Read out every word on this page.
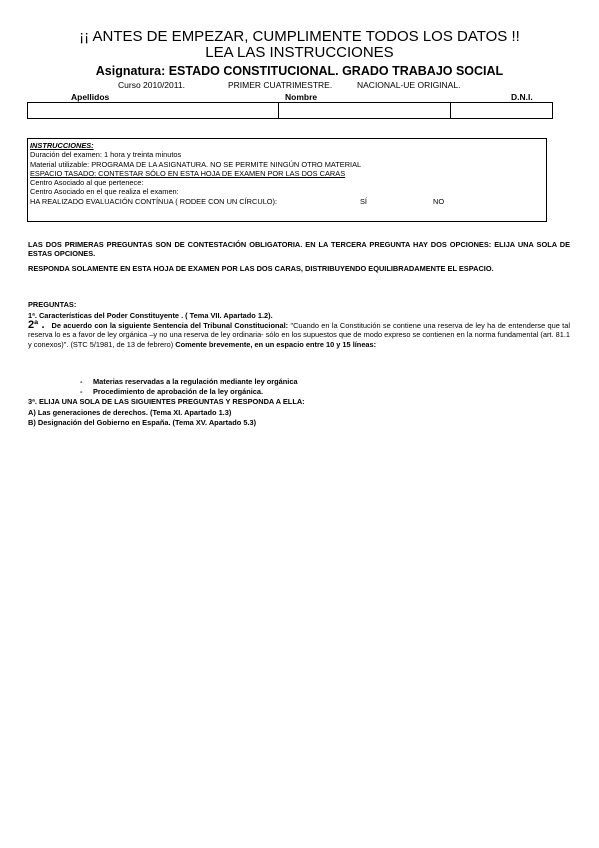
¡¡ ANTES DE EMPEZAR, CUMPLIMENTE TODOS LOS DATOS !!
LEA LAS INSTRUCCIONES
Asignatura: ESTADO CONSTITUCIONAL. GRADO TRABAJO SOCIAL
Curso 2010/2011.	PRIMER CUATRIMESTRE.	NACIONAL-UE ORIGINAL.
Apellidos	Nombre	D.N.I.
INSTRUCCIONES:
Duración del examen: 1 hora y treinta minutos
Material utilizable: PROGRAMA DE LA ASIGNATURA. NO SE PERMITE NINGÚN OTRO MATERIAL
ESPACIO TASADO: CONTESTAR SÓLO EN ESTA HOJA DE EXAMEN POR LAS DOS CARAS
Centro Asociado al que pertenece:
Centro Asociado en el que realiza el examen:
HA REALIZADO EVALUACIÓN CONTÍNUA ( RODEE CON UN CÍRCULO):	SÍ	NO
LAS DOS PRIMERAS PREGUNTAS SON DE CONTESTACIÓN OBLIGATORIA. EN LA TERCERA PREGUNTA HAY DOS OPCIONES: ELIJA UNA SOLA DE ESTAS OPCIONES.
RESPONDA SOLAMENTE EN ESTA HOJA DE EXAMEN POR LAS DOS CARAS, DISTRIBUYENDO EQUILIBRADAMENTE EL ESPACIO.
PREGUNTAS:
1ª. Características del Poder Constituyente . ( Tema VII. Apartado 1.2).
2ª . De acuerdo con la siguiente Sentencia del Tribunal Constitucional: "Cuando en la Constitución se contiene una reserva de ley ha de entenderse que tal reserva lo es a favor de ley orgánica –y no una reserva de ley ordinaria- sólo en los supuestos que de modo expreso se contienen en la norma fundamental (art. 81.1 y conexos)". (STC 5/1981, de 13 de febrero) Comente brevemente, en un espacio entre 10 y 15 líneas:
- Materias reservadas a la regulación mediante ley orgánica
- Procedimiento de aprobación de la ley orgánica.
3ª. ELIJA UNA SOLA DE LAS SIGUIENTES PREGUNTAS Y RESPONDA A ELLA:
A) Las generaciones de derechos. (Tema XI. Apartado 1.3)
B) Designación del Gobierno en España. (Tema XV. Apartado 5.3)
